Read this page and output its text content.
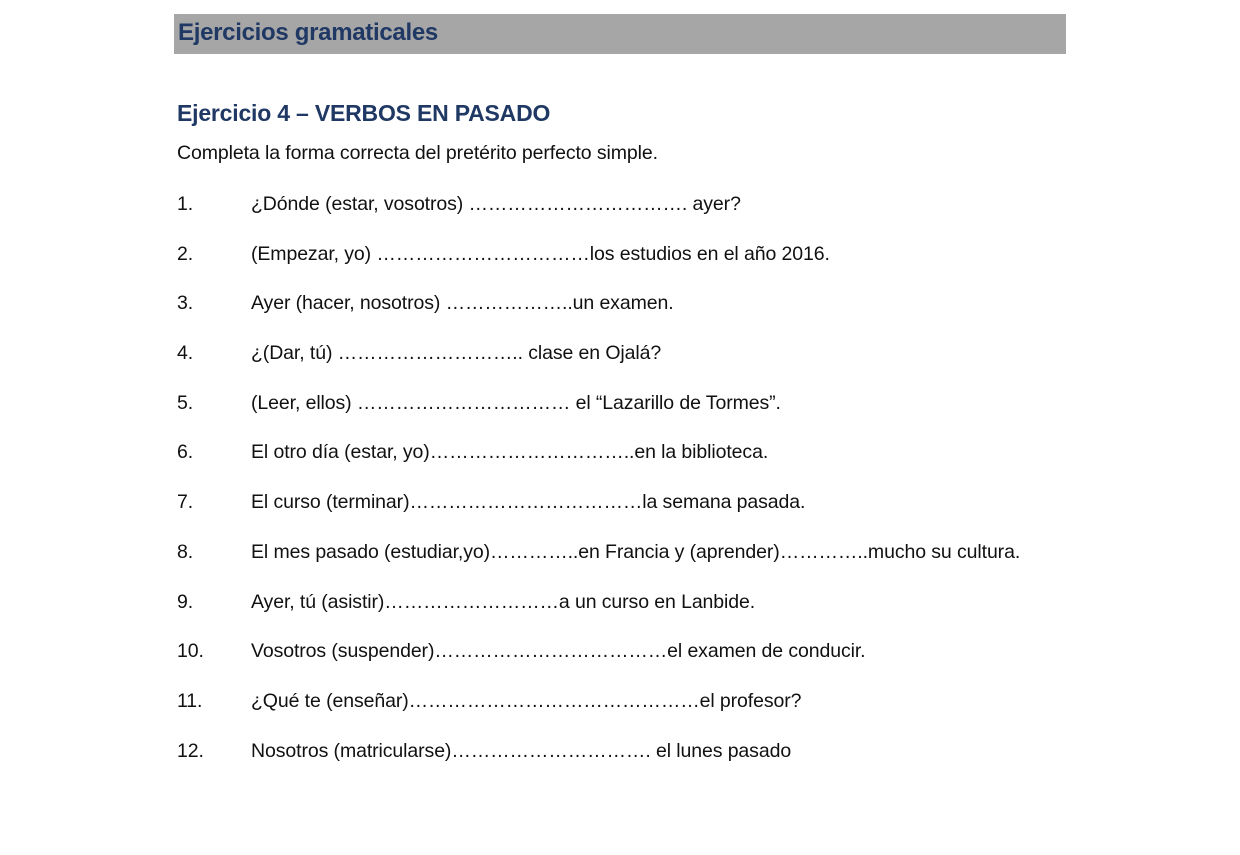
Ejercicios gramaticales
Ejercicio 4 – VERBOS EN PASADO
Completa la forma correcta del pretérito perfecto simple.
1.	¿Dónde (estar, vosotros) ……………………………. ayer?
2.	(Empezar, yo) ……………………………los estudios en el año 2016.
3.	Ayer (hacer, nosotros) ………………..un examen.
4.	¿(Dar, tú) ……………………….. clase en Ojalá?
5.	(Leer, ellos) …………………………… el “Lazarillo de Tormes”.
6.	El otro día (estar, yo)…………………………..en la biblioteca.
7.	El curso (terminar)………………………………la semana pasada.
8.	El mes pasado (estudiar,yo)…………..en Francia y (aprender)…………..mucho su cultura.
9.	Ayer, tú (asistir)………………………a un curso en Lanbide.
10. Vosotros (suspender)………………………………el examen de conducir.
11. ¿Qué te (enseñar)………………………………………el profesor?
12. Nosotros (matricularse)…………………………. el lunes pasado
